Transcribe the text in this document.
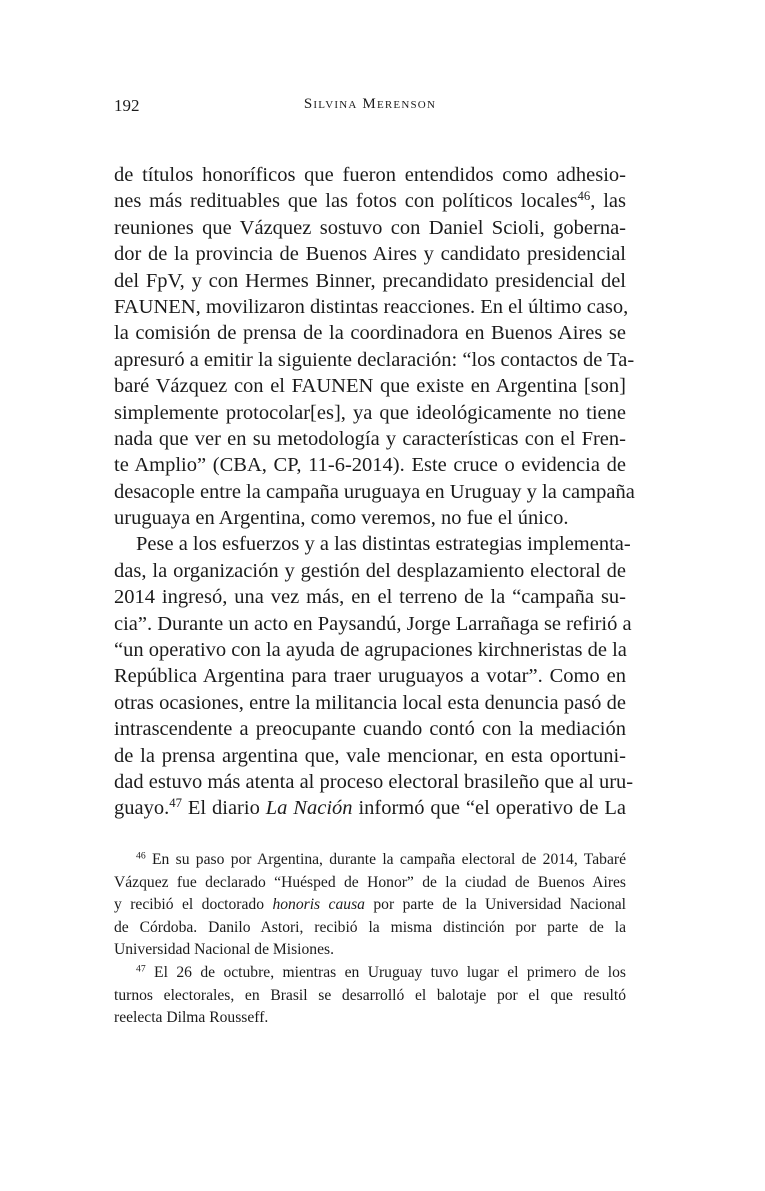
192	Silvina Merenson
de títulos honoríficos que fueron entendidos como adhesio-
nes más redituables que las fotos con políticos locales$^{46}$, las
reuniones que Vázquez sostuvo con Daniel Scioli, goberna-
dor de la provincia de Buenos Aires y candidato presidencial
del FpV, y con Hermes Binner, precandidato presidencial del
FAUNEN, movilizaron distintas reacciones. En el último caso,
la comisión de prensa de la coordinadora en Buenos Aires se
apresuró a emitir la siguiente declaración: “los contactos de Ta-
baré Vázquez con el FAUNEN que existe en Argentina [son]
simplemente protocolar[es], ya que ideológicamente no tiene
nada que ver en su metodología y características con el Fren-
te Amplio” (CBA, CP, 11-6-2014). Este cruce o evidencia de
desacople entre la campaña uruguaya en Uruguay y la campaña
uruguaya en Argentina, como veremos, no fue el único.
Pese a los esfuerzos y a las distintas estrategias implementa-
das, la organización y gestión del desplazamiento electoral de
2014 ingresó, una vez más, en el terreno de la “campaña su-
cia”. Durante un acto en Paysandú, Jorge Larrañaga se refirió a
“un operativo con la ayuda de agrupaciones kirchneristas de la
República Argentina para traer uruguayos a votar”. Como en
otras ocasiones, entre la militancia local esta denuncia pasó de
intrascendente a preocupante cuando contó con la mediación
de la prensa argentina que, vale mencionar, en esta oportuni-
dad estuvo más atenta al proceso electoral brasileño que al uru-
guayo.$^{47}$ El diario La Nación informó que “el operativo de La
$^{46}$ En su paso por Argentina, durante la campaña electoral de 2014, Tabaré
Vázquez fue declarado “Huésped de Honor” de la ciudad de Buenos Aires
y recibió el doctorado honoris causa por parte de la Universidad Nacional
de Córdoba. Danilo Astori, recibió la misma distinción por parte de la
Universidad Nacional de Misiones.
$^{47}$ El 26 de octubre, mientras en Uruguay tuvo lugar el primero de los
turnos electorales, en Brasil se desarrolló el balotaje por el que resultó
reelecta Dilma Rousseff.
